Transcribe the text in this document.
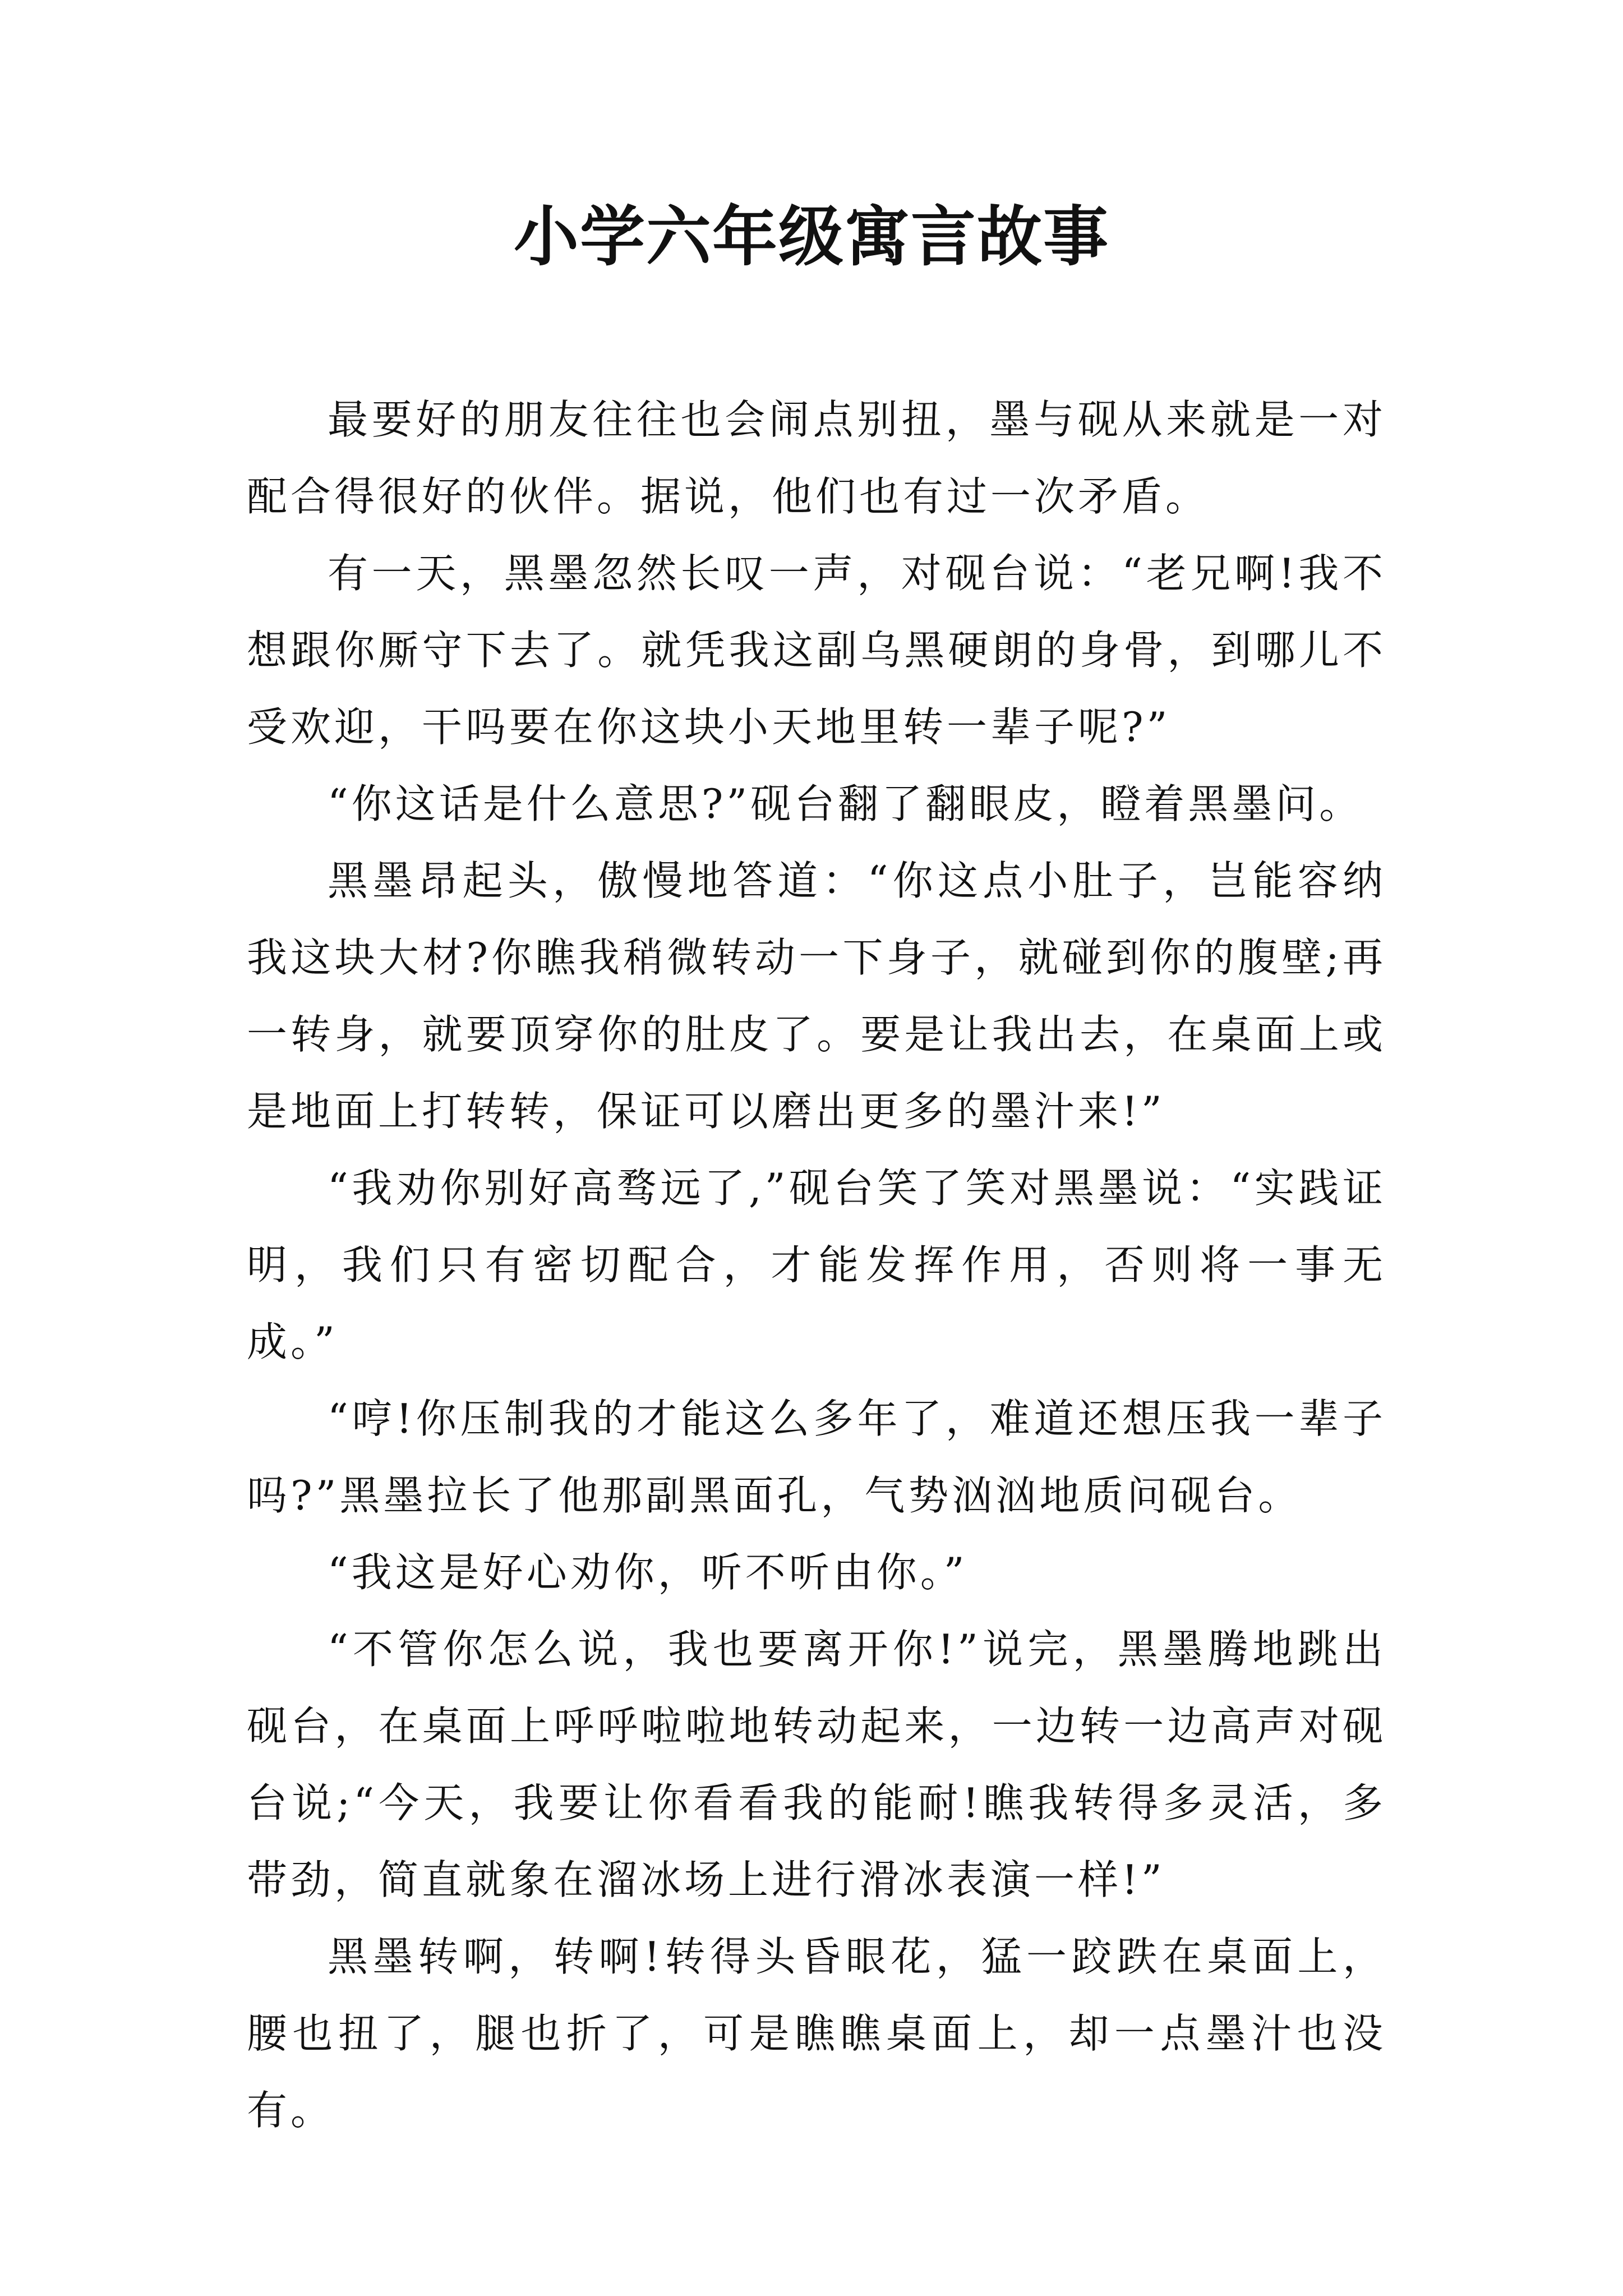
小学六年级寓言故事

最要好的朋友往往也会闹点别扭，墨与砚从来就是一对配合得很好的伙伴。据说，他们也有过一次矛盾。

有一天，黑墨忽然长叹一声，对砚台说：“老兄啊!我不想跟你厮守下去了。就凭我这副乌黑硬朗的身骨，到哪儿不受欢迎，干吗要在你这块小天地里转一辈子呢?”

“你这话是什么意思?”砚台翻了翻眼皮，瞪着黑墨问。

黑墨昂起头，傲慢地答道：“你这点小肚子，岂能容纳我这块大材?你瞧我稍微转动一下身子，就碰到你的腹壁;再一转身，就要顶穿你的肚皮了。要是让我出去，在桌面上或是地面上打转转，保证可以磨出更多的墨汁来!”

“我劝你别好高骛远了,”砚台笑了笑对黑墨说：“实践证明，我们只有密切配合，才能发挥作用，否则将一事无成。”

“哼!你压制我的才能这么多年了，难道还想压我一辈子吗?”黑墨拉长了他那副黑面孔，气势汹汹地质问砚台。

“我这是好心劝你，听不听由你。”

“不管你怎么说，我也要离开你!”说完，黑墨腾地跳出砚台，在桌面上呼呼啦啦地转动起来，一边转一边高声对砚台说;“今天，我要让你看看我的能耐!瞧我转得多灵活，多带劲，简直就象在溜冰场上进行滑冰表演一样!”

黑墨转啊，转啊!转得头昏眼花，猛一跤跌在桌面上，腰也扭了，腿也折了，可是瞧瞧桌面上，却一点墨汁也没有。
